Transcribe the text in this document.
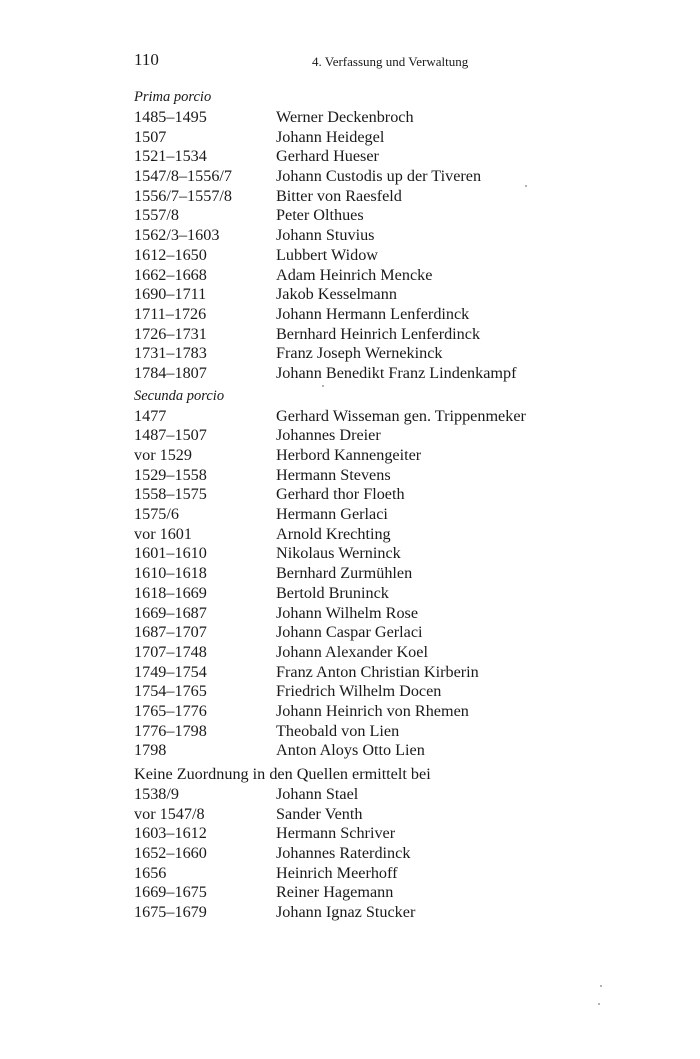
110	4. Verfassung und Verwaltung
Prima porcio
1485–1495	Werner Deckenbroch
1507	Johann Heidegel
1521–1534	Gerhard Hueser
1547/8–1556/7	Johann Custodis up der Tiveren
1556/7–1557/8	Bitter von Raesfeld
1557/8	Peter Olthues
1562/3–1603	Johann Stuvius
1612–1650	Lubbert Widow
1662–1668	Adam Heinrich Mencke
1690–1711	Jakob Kesselmann
1711–1726	Johann Hermann Lenferdinck
1726–1731	Bernhard Heinrich Lenferdinck
1731–1783	Franz Joseph Wernekinck
1784–1807	Johann Benedikt Franz Lindenkampf
Secunda porcio
1477	Gerhard Wisseman gen. Trippenmeker
1487–1507	Johannes Dreier
vor 1529	Herbord Kannengeiter
1529–1558	Hermann Stevens
1558–1575	Gerhard thor Floeth
1575/6	Hermann Gerlaci
vor 1601	Arnold Krechting
1601–1610	Nikolaus Werninck
1610–1618	Bernhard Zurmühlen
1618–1669	Bertold Bruninck
1669–1687	Johann Wilhelm Rose
1687–1707	Johann Caspar Gerlaci
1707–1748	Johann Alexander Koel
1749–1754	Franz Anton Christian Kirberin
1754–1765	Friedrich Wilhelm Docen
1765–1776	Johann Heinrich von Rhemen
1776–1798	Theobald von Lien
1798	Anton Aloys Otto Lien
Keine Zuordnung in den Quellen ermittelt bei
1538/9	Johann Stael
vor 1547/8	Sander Venth
1603–1612	Hermann Schriver
1652–1660	Johannes Raterdinck
1656	Heinrich Meerhoff
1669–1675	Reiner Hagemann
1675–1679	Johann Ignaz Stucker
